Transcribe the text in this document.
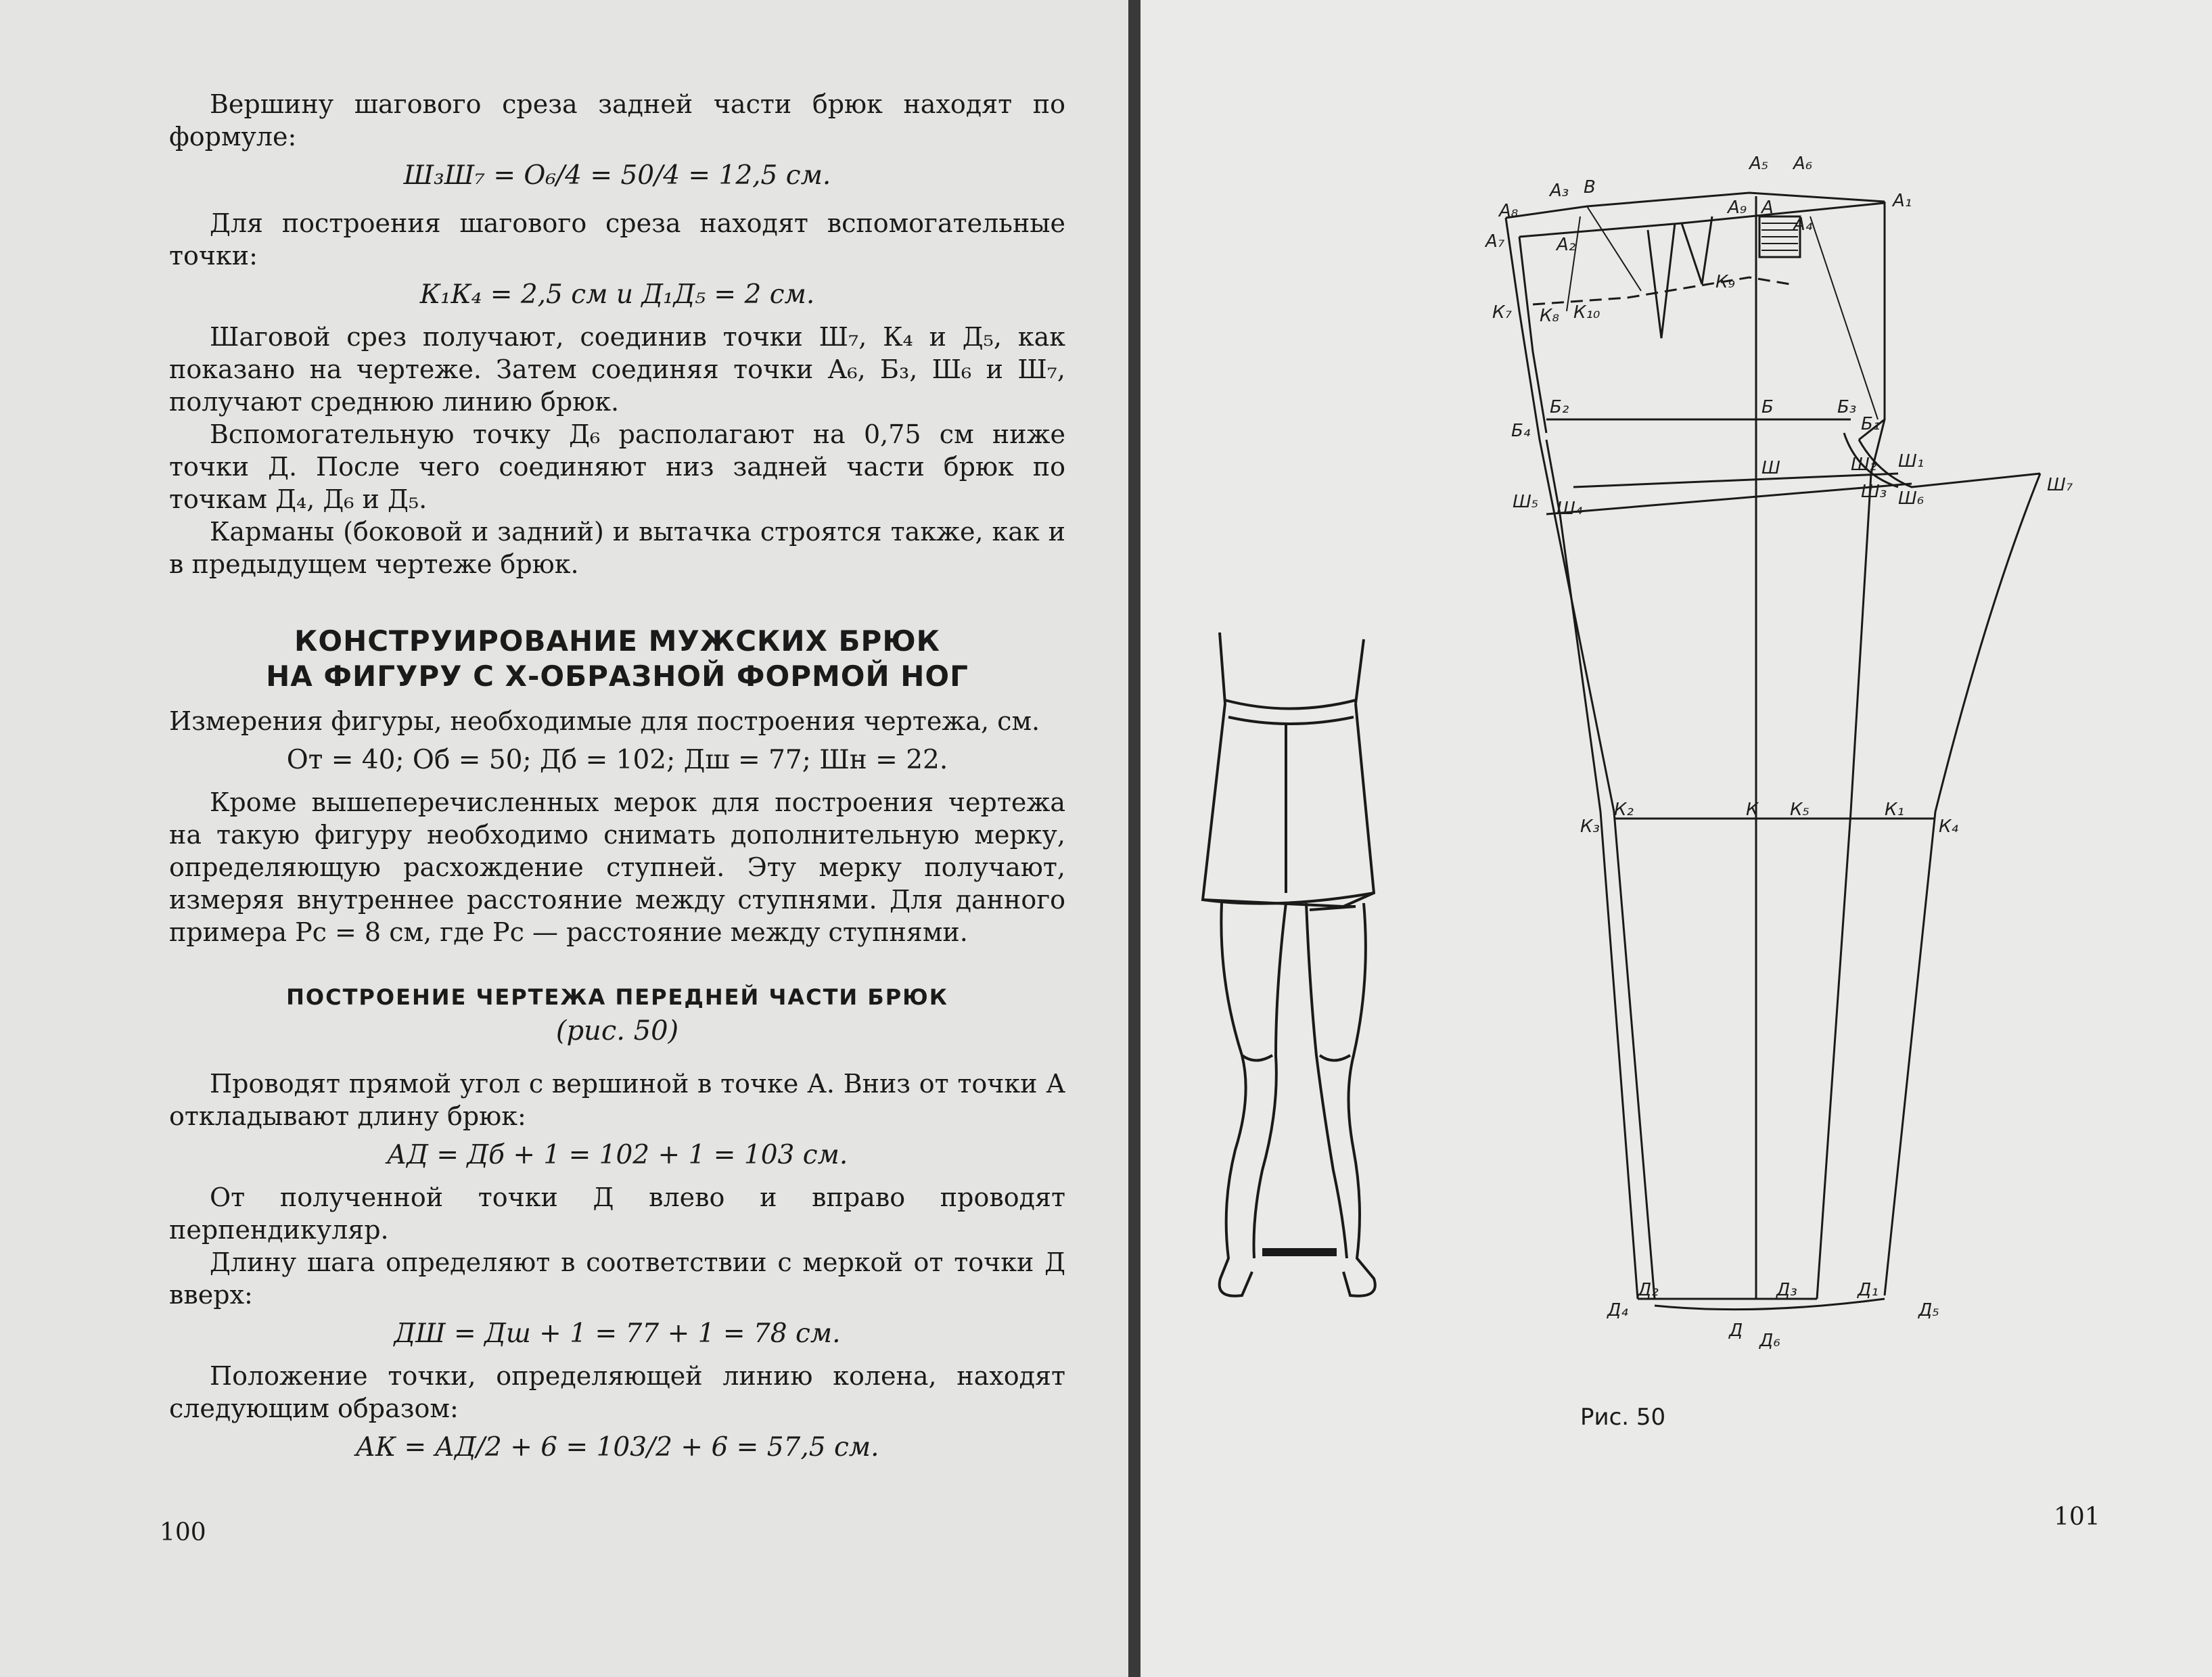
Вершину шагового среза задней части брюк находят по формуле:

Ш₃Ш₇ = О₆/4 = 50/4 = 12,5 см.

Для построения шагового среза находят вспомогательные точки:

К₁К₄ = 2,5 см и Д₁Д₅ = 2 см.

Шаговой срез получают, соединив точки Ш₇, К₄ и Д₅, как показано на чертеже. Затем соединяя точки А₆, Б₃, Ш₆ и Ш₇, получают среднюю линию брюк.

Вспомогательную точку Д₆ располагают на 0,75 см ниже точки Д. После чего соединяют низ задней части брюк по точкам Д₄, Д₆ и Д₅.

Карманы (боковой и задний) и вытачка строятся также, как и в предыдущем чертеже брюк.

КОНСТРУИРОВАНИЕ МУЖСКИХ БРЮК

НА ФИГУРУ С Х-ОБРАЗНОЙ ФОРМОЙ НОГ

Измерения фигуры, необходимые для построения чертежа, см.

От = 40; Об = 50; Дб = 102; Дш = 77; Шн = 22.

Кроме вышеперечисленных мерок для построения чертежа на такую фигуру необходимо снимать дополнительную мерку, определяющую расхождение ступней. Эту мерку получают, измеряя внутреннее расстояние между ступнями. Для данного примера Рс = 8 см, где Рс — расстояние между ступнями.

ПОСТРОЕНИЕ ЧЕРТЕЖА ПЕРЕДНЕЙ ЧАСТИ БРЮК

(рис. 50)

Проводят прямой угол с вершиной в точке А. Вниз от точки А откладывают длину брюк:

АД = Дб + 1 = 102 + 1 = 103 см.

От полученной точки Д влево и вправо проводят перпендикуляр.

Длину шага определяют в соответствии с меркой от точки Д вверх:

ДШ = Дш + 1 = 77 + 1 = 78 см.

Положение точки, определяющей линию колена, находят следующим образом:

АК = АД/2 + 6 = 103/2 + 6 = 57,5 см.

100
А₃ В
А₅ А₆
А₈	А₁
А₉ А
А₄
А₇	А₂
К₇ К₈ К₁₀
К₉
Б₄
Б₂	Б	Б₃
Б₁
Ш	Ш₂ Ш₁
Ш₃ Ш₆
Ш₇
Ш₅ Ш₄
К₃
К₂	К К₅	К₁
К₄
Д₄
Д₂	Д₃	Д₁
Д₅
Д Д₆
Рис. 50
101
